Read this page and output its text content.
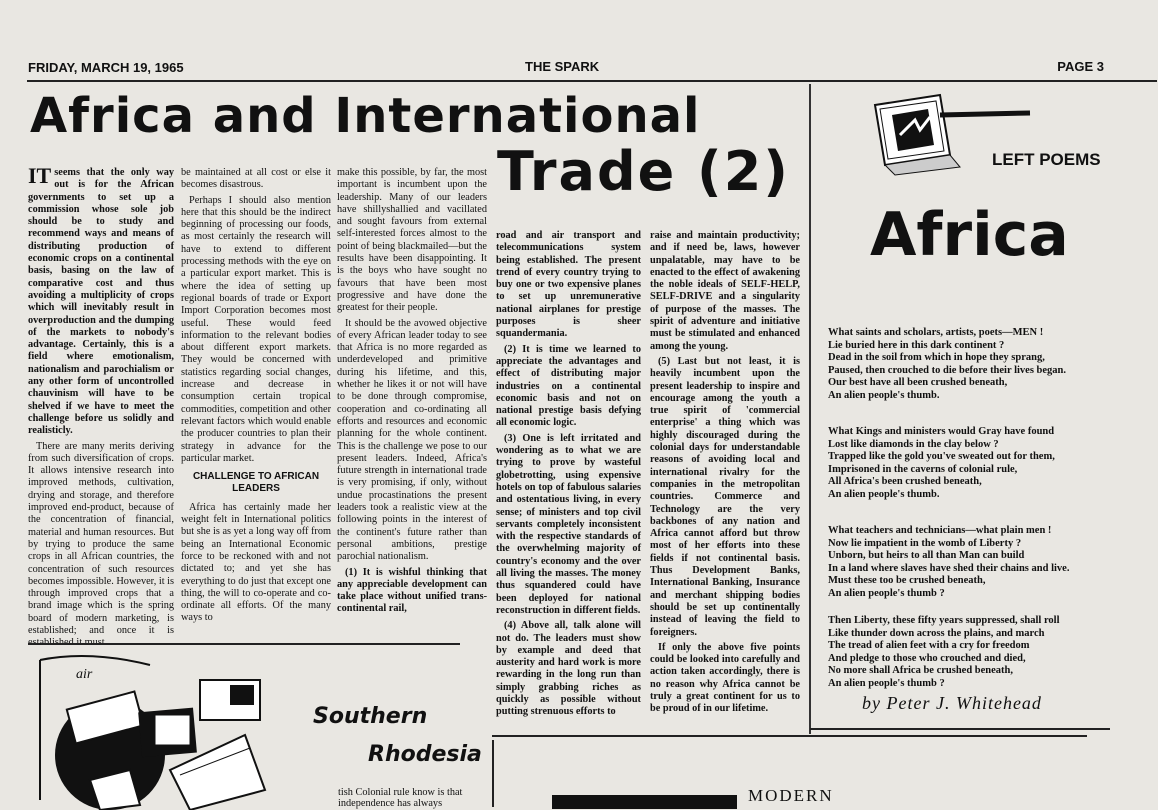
FRIDAY, MARCH 19, 1965	THE SPARK	PAGE 3
Africa and International
Trade (2)

IT seems that the only way out is for the African governments to set up a commission whose sole job should be to study and recommend ways and means of distributing production of economic crops on a continental basis, basing on the law of comparative cost and thus avoiding a multiplicity of crops which will inevitably result in overproduction and the dumping of the markets to nobody's advantage. Certainly, this is a field where emotionalism, nationalism and parochialism or any other form of uncontrolled chauvinism will have to be shelved if we have to meet the challenge before us solidly and realisticly.

There are many merits deriving from such diversification of crops. It allows intensive research into improved methods, cultivation, drying and storage, and therefore improved end-product, because of the concentration of financial, material and human resources. But by trying to produce the same crops in all African countries, the concentration of such resources becomes impossible. However, it is through improved crops that a brand image which is the spring board of modern marketing, is established; and once it is

be maintained at all cost or else it becomes disastrous.

Perhaps I should also mention here that this should be the indirect beginning of processing our foods, as most certainly the research will have to extend to different processing methods with the eye on a particular export market. This is where the idea of setting up regional boards of trade or Export Import Corporation becomes most useful. These would feed information to the relevant bodies about different export markets. They would be concerned with statistics regarding social changes, increase and decrease in consumption certain tropical commodities, competition and other relevant factors which would enable the producer countries to plan their strategy in advance for the particular market.

CHALLENGE TO AFRICAN LEADERS

Africa has certainly made her weight felt in International politics but she is as yet a long way off from being an International Economic force to be reckoned with and not dictated to; and yet she has everything to do just that except one thing, the will to co-operate and co-ordinate all efforts. Of the many ways to

make this possible, by far, the most important is incumbent upon the leadership. Many of our leaders have shillyshallied and vacillated and sought favours from external self-interested forces almost to the point of being blackmailed—but the results have been disappointing. It is the boys who have sought no favours that have been most progressive and have done the greatest for their people.

It should be the avowed objective of every African leader today to see that Africa is no more regarded as underdeveloped and primitive during his lifetime, and this, whether he likes it or not will have to be done through compromise, cooperation and co-ordinating all efforts and resources and economic planning for the whole continent. This is the challenge we pose to our present leaders. Indeed, Africa's future strength in international trade is very promising, if only, without undue procastinations the present leaders took a realistic view at the following points in the interest of the continent's future rather than personal ambitions, prestige parochial nationalism.

(1) It is wishful thinking that any appreciable development can take place without unified trans-continental rail,

road and air transport and telecommunications system being established. The present trend of every country trying to buy one or two expensive planes to set up unremunerative national airplanes for prestige purposes is sheer squandermania.

(2) It is time we learned to appreciate the advantages and effect of distributing major industries on a continental economic basis and not on national prestige basis defying all economic logic.

(3) One is left irritated and wondering as to what we are trying to prove by wasteful globetrotting, using expensive hotels on top of fabulous salaries and ostentatious living, in every sense; of ministers and top civil servants completely inconsistent with the respective standards of the overwhelming majority of country's economy and the over all living the masses. The money thus squandered could have been deployed for national reconstruction in different fields.

(4) Above all, talk alone will not do. The leaders must show by example and deed that austerity and hard work is more rewarding in the long run than simply grabbing riches as quickly as possible without putting strenuous efforts to

raise and maintain productivity; and if need be, laws, however unpalatable, may have to be enacted to the effect of awakening the noble ideals of SELF-HELP, SELF-DRIVE and a singularity of purpose of the masses. The spirit of adventure and initiative must be stimulated and enhanced among the young.

(5) Last but not least, it is heavily incumbent upon the present leadership to inspire and encourage among the youth a true spirit of 'commercial enterprise' a thing which was highly discouraged during the colonial days for understandable reasons of avoiding local and international rivalry for the companies in the metropolitan countries. Commerce and Technology are the very backbones of any nation and Africa cannot afford but throw most of her efforts into these fields if not continental basis. Thus Development Banks, International Banking, Insurance and merchant shipping bodies should be set up continentally instead of leaving the field to foreigners.

If only the above five points could be looked into carefully and action taken accordingly, there is no reason why Africa cannot be truly a great continent for us to be proud of in our lifetime.

LEFT POEMS
Africa
What saints and scholars, artists, poets—MEN !
Lie buried here in this dark continent ?
Dead in the soil from which in hope they sprang,
Paused, then crouched to die before their lives began.
Our best have all been crushed beneath,
An alien people's thumb.
What Kings and ministers would Gray have found
Lost like diamonds in the clay below ?
Trapped like the gold you've sweated out for them,
Imprisoned in the caverns of colonial rule,
All Africa's been crushed beneath,
An alien people's thumb.
What teachers and technicians—what plain men !
Now lie impatient in the womb of Liberty ?
Unborn, but heirs to all than Man can build
In a land where slaves have shed their chains and live.
Must these too be crushed beneath,
An alien people's thumb ?
Then Liberty, these fifty years suppressed, shall roll
Like thunder down across the plains, and march
The tread of alien feet with a cry for freedom
And pledge to those who crouched and died,
No more shall Africa be crushed beneath,
An alien people's thumb ?
by Peter J. Whitehead
air
Southern
Rhodesia
tish Colonial rule know is that independence has always	MODERN
